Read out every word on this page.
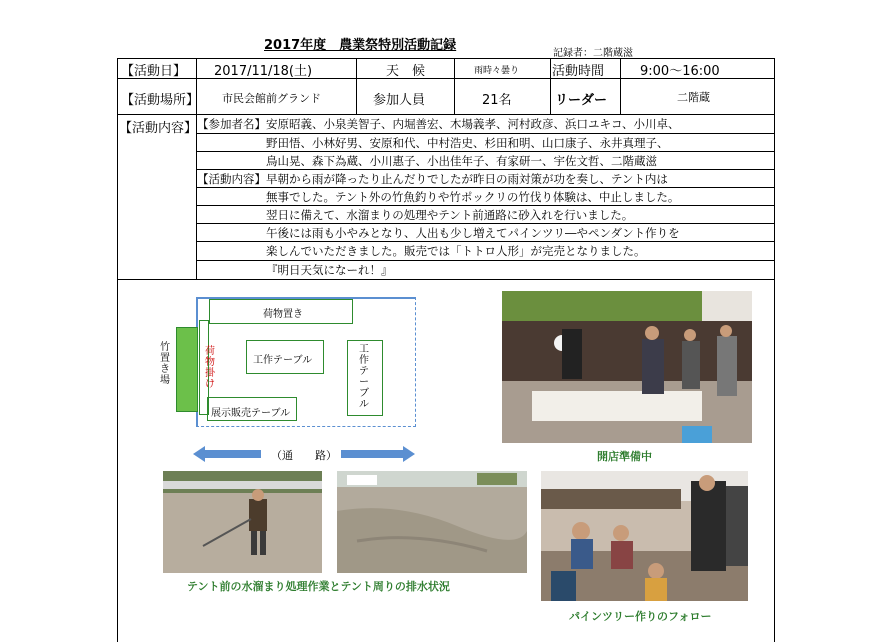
2017年度　農業祭特別活動記録
記録者：二階蔵滋
【活動日】 2017/11/18(土)	天　候	雨時々曇り	活動時間	9:00〜16:00
【活動場所】 市民会館前グランド	参加人員	21名	リーダー	二階蔵
【活動内容】 【参加者名】安原昭義、小泉美智子、内堀善宏、木場義孝、河村政彦、浜口ユキコ、小川卓、
野田悟、小林好男、安原和代、中村浩史、杉田和明、山口康子、永井真理子、
鳥山晃、森下為蔵、小川惠子、小出佳年子、有家研一、宇佐文哲、二階蔵滋
【活動内容】早朝から雨が降ったり止んだりでしたが昨日の雨対策が功を奏し、テント内は
無事でした。テント外の竹魚釣りや竹ポックリの竹伐り体験は、中止しました。
翌日に備えて、水溜まりの処理やテント前通路に砂入れを行いました。
午後には雨も小やみとなり、人出も少し増えてパインツリ―やペンダント作りを
楽しんでいただきました。販売では「トトロ人形」が完売となりました。
『明日天気になーれ！』
荷物置き
竹置き場
荷物掛け
工作テーブル
工作テーブル
展示販売テーブル
（通　　路）	開店準備中
テント前の水溜まり処理作業とテント周りの排水状況
パインツリー作りのフォロー
